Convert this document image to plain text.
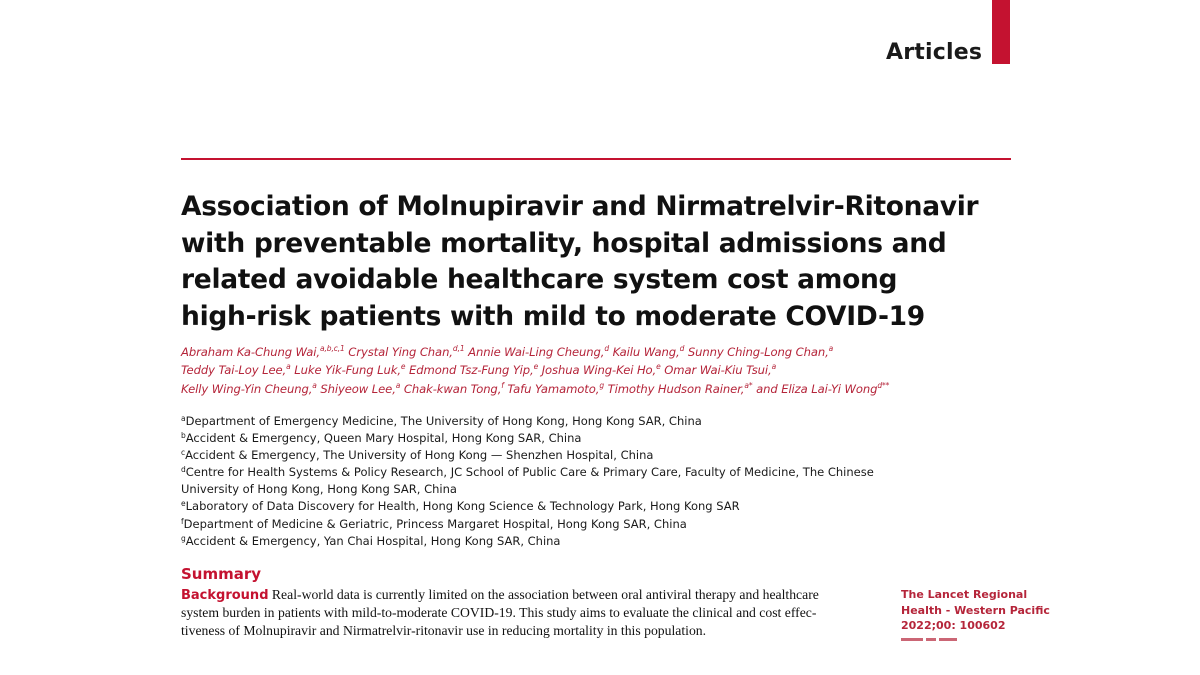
Articles
Association of Molnupiravir and Nirmatrelvir-Ritonavir
with preventable mortality, hospital admissions and
related avoidable healthcare system cost among
high-risk patients with mild to moderate COVID-19
Abraham Ka-Chung Wai,$^{a,b,c,1}$ Crystal Ying Chan,$^{d,1}$ Annie Wai-Ling Cheung,$^d$ Kailu Wang,$^d$ Sunny Ching-Long Chan,$^a$
Teddy Tai-Loy Lee,$^a$ Luke Yik-Fung Luk,$^e$ Edmond Tsz-Fung Yip,$^e$ Joshua Wing-Kei Ho,$^e$ Omar Wai-Kiu Tsui,$^a$
Kelly Wing-Yin Cheung,$^a$ Shiyeow Lee,$^a$ Chak-kwan Tong,$^f$ Tafu Yamamoto,$^g$ Timothy Hudson Rainer,$^{a*}$ and Eliza Lai-Yi Wong$^{d**}$
$^a$Department of Emergency Medicine, The University of Hong Kong, Hong Kong SAR, China
$^b$Accident & Emergency, Queen Mary Hospital, Hong Kong SAR, China
$^c$Accident & Emergency, The University of Hong Kong — Shenzhen Hospital, China
$^d$Centre for Health Systems & Policy Research, JC School of Public Care & Primary Care, Faculty of Medicine, The Chinese
University of Hong Kong, Hong Kong SAR, China
$^e$Laboratory of Data Discovery for Health, Hong Kong Science & Technology Park, Hong Kong SAR
$^f$Department of Medicine & Geriatric, Princess Margaret Hospital, Hong Kong SAR, China
$^g$Accident & Emergency, Yan Chai Hospital, Hong Kong SAR, China
Summary
Background Real-world data is currently limited on the association between oral antiviral therapy and healthcare
system burden in patients with mild-to-moderate COVID-19. This study aims to evaluate the clinical and cost effec-
tiveness of Molnupiravir and Nirmatrelvir-ritonavir use in reducing mortality in this population.
The Lancet Regional
Health - Western Pacific
2022;00: 100602
